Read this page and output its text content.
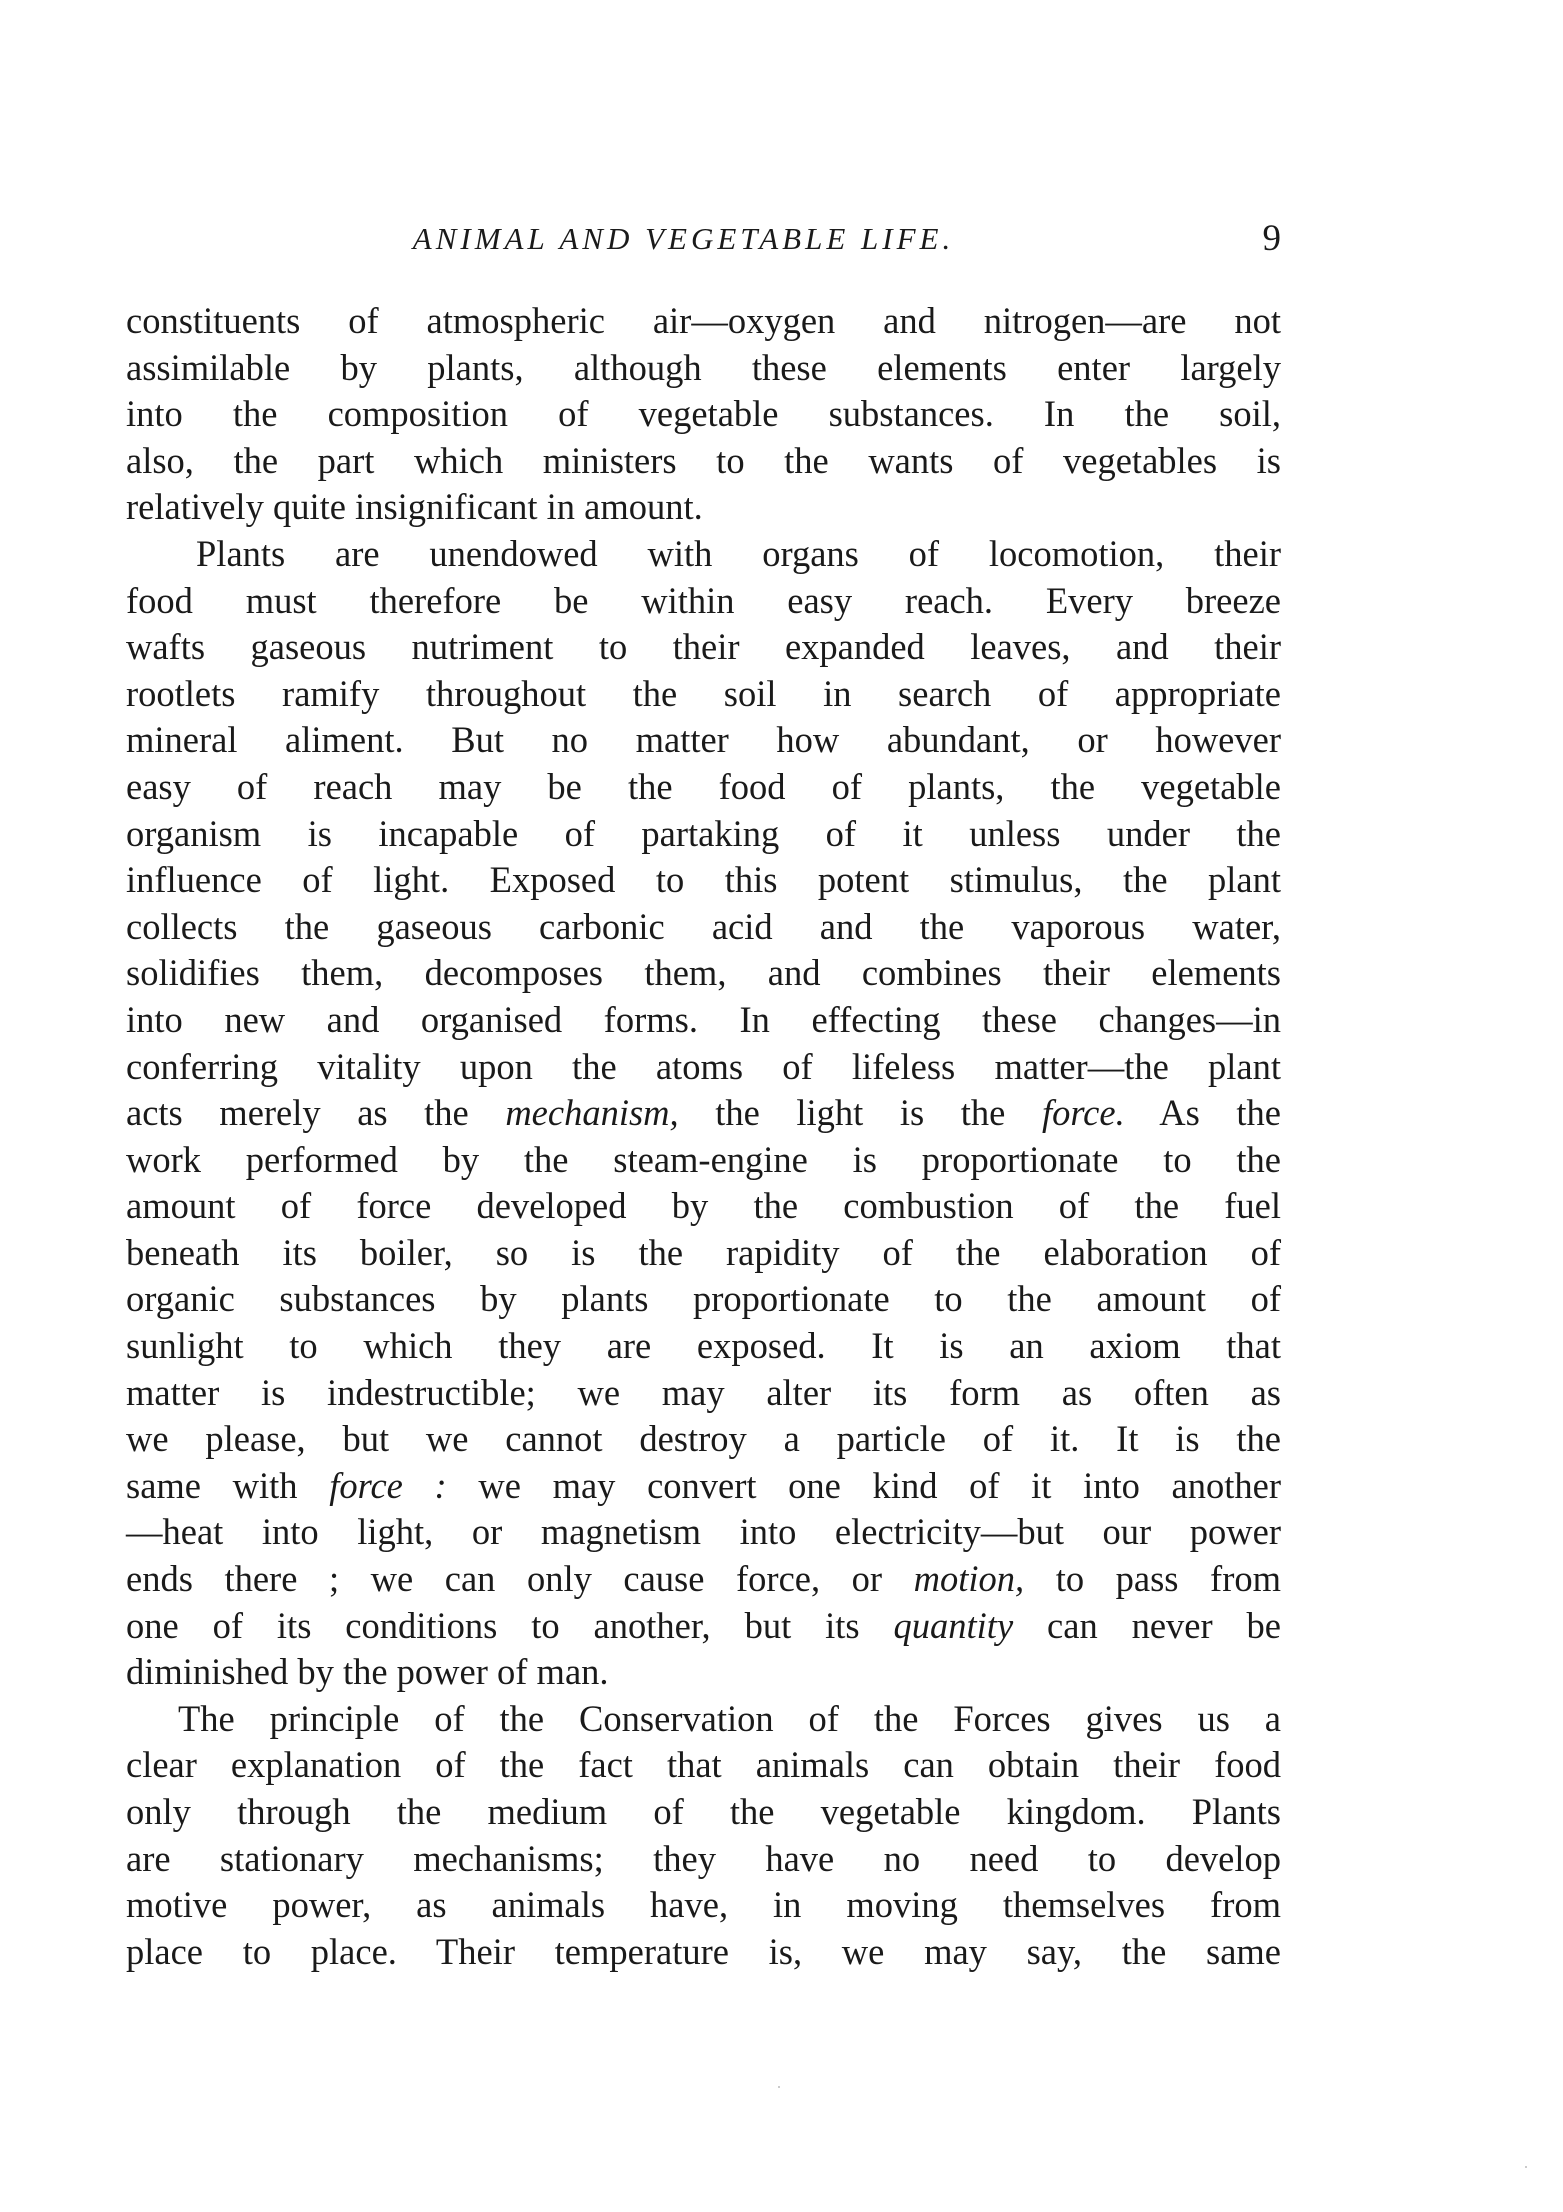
ANIMAL AND VEGETABLE LIFE.	9
constituents of atmospheric air—oxygen and nitrogen—are not
assimilable by plants, although these elements enter largely
into the composition of vegetable substances. In the soil,
also, the part which ministers to the wants of vegetables is
relatively quite insignificant in amount.
Plants are unendowed with organs of locomotion, their
food must therefore be within easy reach. Every breeze
wafts gaseous nutriment to their expanded leaves, and their
rootlets ramify throughout the soil in search of appropriate
mineral aliment. But no matter how abundant, or however
easy of reach may be the food of plants, the vegetable
organism is incapable of partaking of it unless under the
influence of light. Exposed to this potent stimulus, the plant
collects the gaseous carbonic acid and the vaporous water,
solidifies them, decomposes them, and combines their elements
into new and organised forms. In effecting these changes—in
conferring vitality upon the atoms of lifeless matter—the plant
acts merely as the mechanism, the light is the force. As the
work performed by the steam-engine is proportionate to the
amount of force developed by the combustion of the fuel
beneath its boiler, so is the rapidity of the elaboration of
organic substances by plants proportionate to the amount of
sunlight to which they are exposed. It is an axiom that
matter is indestructible; we may alter its form as often as
we please, but we cannot destroy a particle of it. It is the
same with force : we may convert one kind of it into another
—heat into light, or magnetism into electricity—but our power
ends there ; we can only cause force, or motion, to pass from
one of its conditions to another, but its quantity can never be
diminished by the power of man.
The principle of the Conservation of the Forces gives us a
clear explanation of the fact that animals can obtain their food
only through the medium of the vegetable kingdom. Plants
are stationary mechanisms; they have no need to develop
motive power, as animals have, in moving themselves from
place to place. Their temperature is, we may say, the same
